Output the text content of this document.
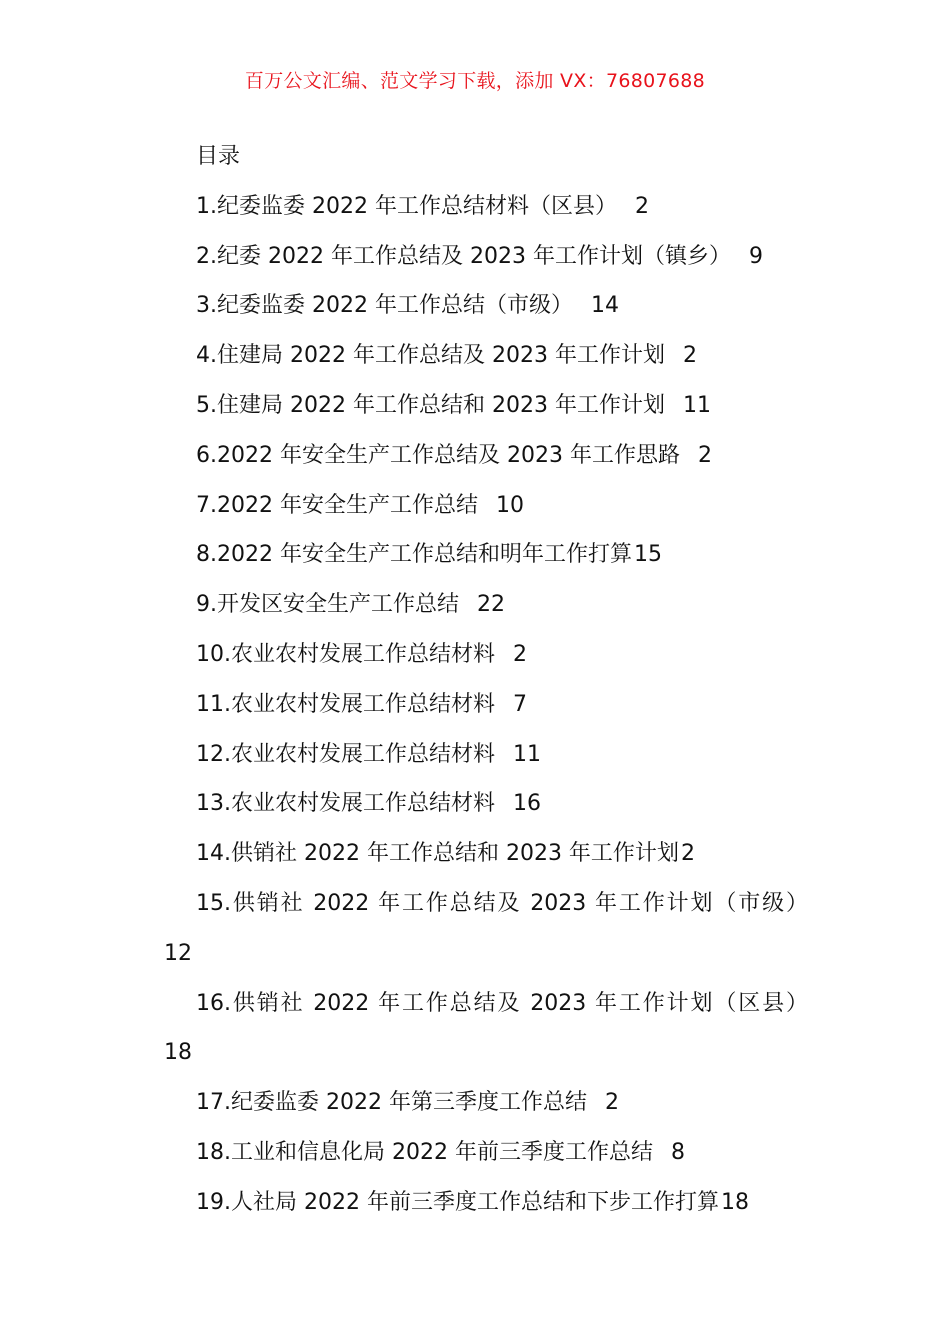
百万公文汇编、范文学习下载，添加 VX：76807688
目录
1.纪委监委 2022 年工作总结材料（区县） 2
2.纪委 2022 年工作总结及 2023 年工作计划（镇乡） 9
3.纪委监委 2022 年工作总结（市级） 14
4.住建局 2022 年工作总结及 2023 年工作计划 2
5.住建局 2022 年工作总结和 2023 年工作计划 11
6.2022 年安全生产工作总结及 2023 年工作思路 2
7.2022 年安全生产工作总结 10
8.2022 年安全生产工作总结和明年工作打算15
9.开发区安全生产工作总结 22
10.农业农村发展工作总结材料 2
11.农业农村发展工作总结材料 7
12.农业农村发展工作总结材料 11
13.农业农村发展工作总结材料 16
14.供销社 2022 年工作总结和 2023 年工作计划2
15.供销社 2022 年工作总结及 2023 年工作计划（市级）12
16.供销社 2022 年工作总结及 2023 年工作计划（区县）18
17.纪委监委 2022 年第三季度工作总结 2
18.工业和信息化局 2022 年前三季度工作总结 8
19.人社局 2022 年前三季度工作总结和下步工作打算18
